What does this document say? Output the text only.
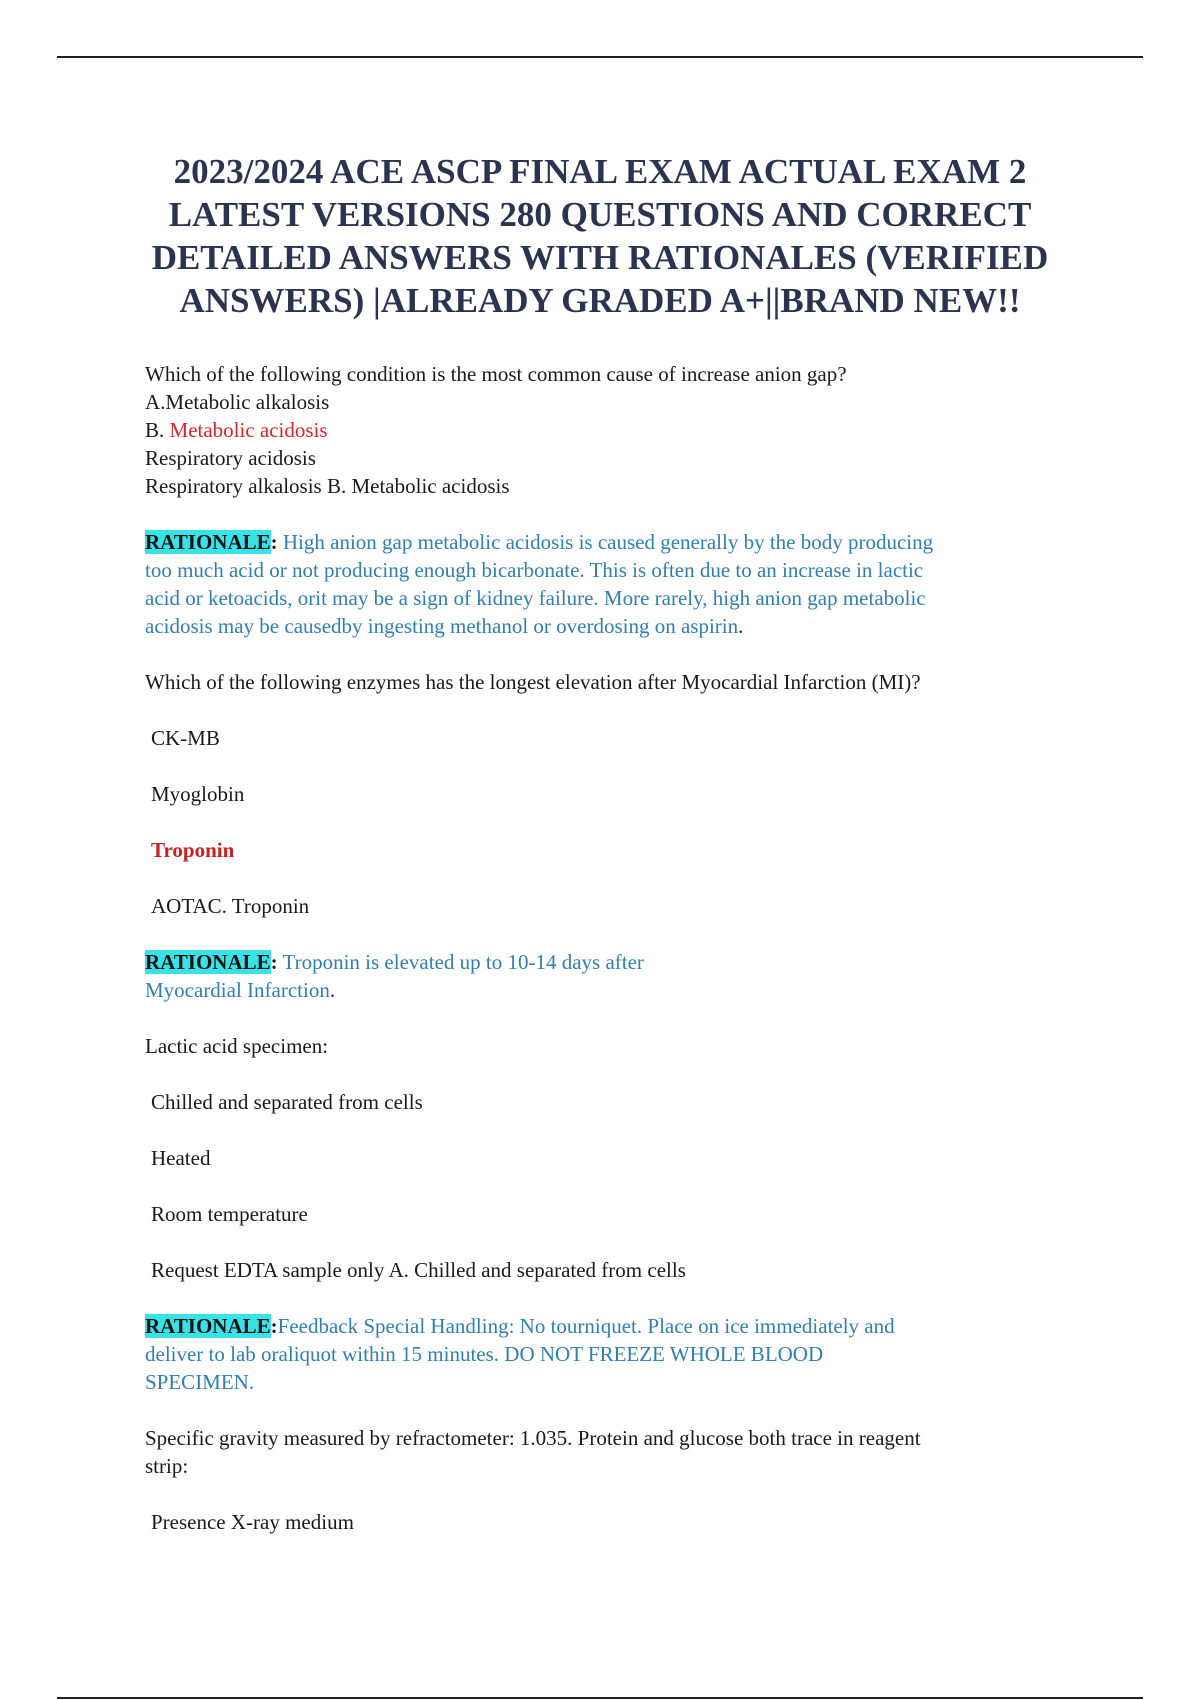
2023/2024 ACE ASCP FINAL EXAM ACTUAL EXAM 2
LATEST VERSIONS 280 QUESTIONS AND CORRECT
DETAILED ANSWERS WITH RATIONALES (VERIFIED
ANSWERS) |ALREADY GRADED A+||BRAND NEW!!
Which of the following condition is the most common cause of increase anion gap?
A.Metabolic alkalosis
B. Metabolic acidosis
Respiratory acidosis
Respiratory alkalosis B. Metabolic acidosis
RATIONALE: High anion gap metabolic acidosis is caused generally by the body producing
too much acid or not producing enough bicarbonate. This is often due to an increase in lactic
acid or ketoacids, orit may be a sign of kidney failure. More rarely, high anion gap metabolic
acidosis may be causedby ingesting methanol or overdosing on aspirin.
Which of the following enzymes has the longest elevation after Myocardial Infarction (MI)?
CK-MB
Myoglobin
Troponin
AOTAC. Troponin
RATIONALE: Troponin is elevated up to 10-14 days after
Myocardial Infarction.
Lactic acid specimen:
Chilled and separated from cells
Heated
Room temperature
Request EDTA sample only A. Chilled and separated from cells
RATIONALE:Feedback Special Handling: No tourniquet. Place on ice immediately and
deliver to lab oraliquot within 15 minutes. DO NOT FREEZE WHOLE BLOOD
SPECIMEN.
Specific gravity measured by refractometer: 1.035. Protein and glucose both trace in reagent
strip:
Presence X-ray medium
